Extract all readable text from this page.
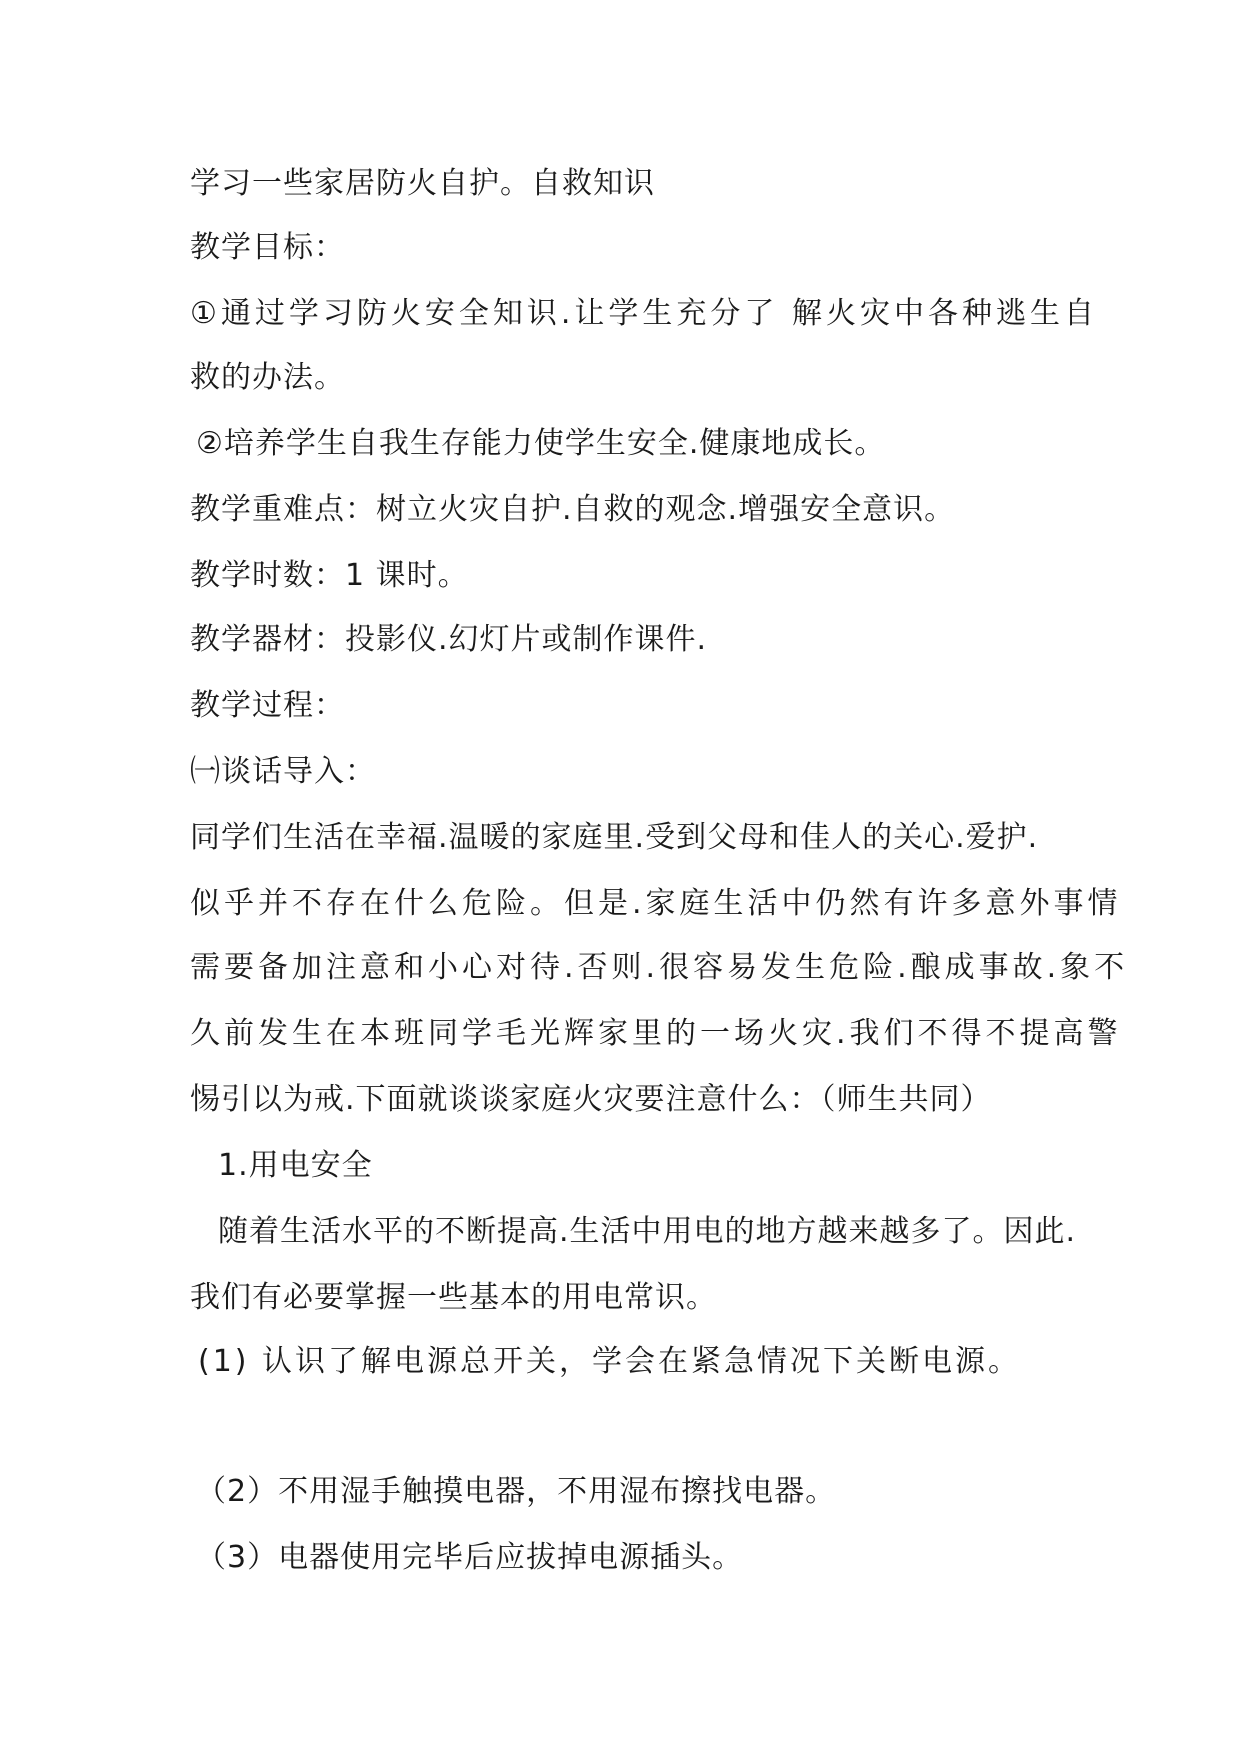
学习一些家居防火自护。自救知识
教学目标：
①通过学习防火安全知识.让学生充分了 解火灾中各种逃生自
救的办法。
②培养学生自我生存能力使学生安全.健康地成长。
教学重难点：树立火灾自护.自救的观念.增强安全意识。
教学时数：1 课时。
教学器材：投影仪.幻灯片或制作课件.
教学过程：
㈠谈话导入：
同学们生活在幸福.温暖的家庭里.受到父母和佳人的关心.爱护.
似乎并不存在什么危险。但是.家庭生活中仍然有许多意外事情
需要备加注意和小心对待.否则.很容易发生危险.酿成事故.象不
久前发生在本班同学毛光辉家里的一场火灾.我们不得不提高警
惕引以为戒.下面就谈谈家庭火灾要注意什么：（师生共同）
1.用电安全
随着生活水平的不断提高.生活中用电的地方越来越多了。因此.
我们有必要掌握一些基本的用电常识。
(1) 认识了解电源总开关，学会在紧急情况下关断电源。
（2）不用湿手触摸电器，不用湿布擦找电器。
（3）电器使用完毕后应拔掉电源插头。
